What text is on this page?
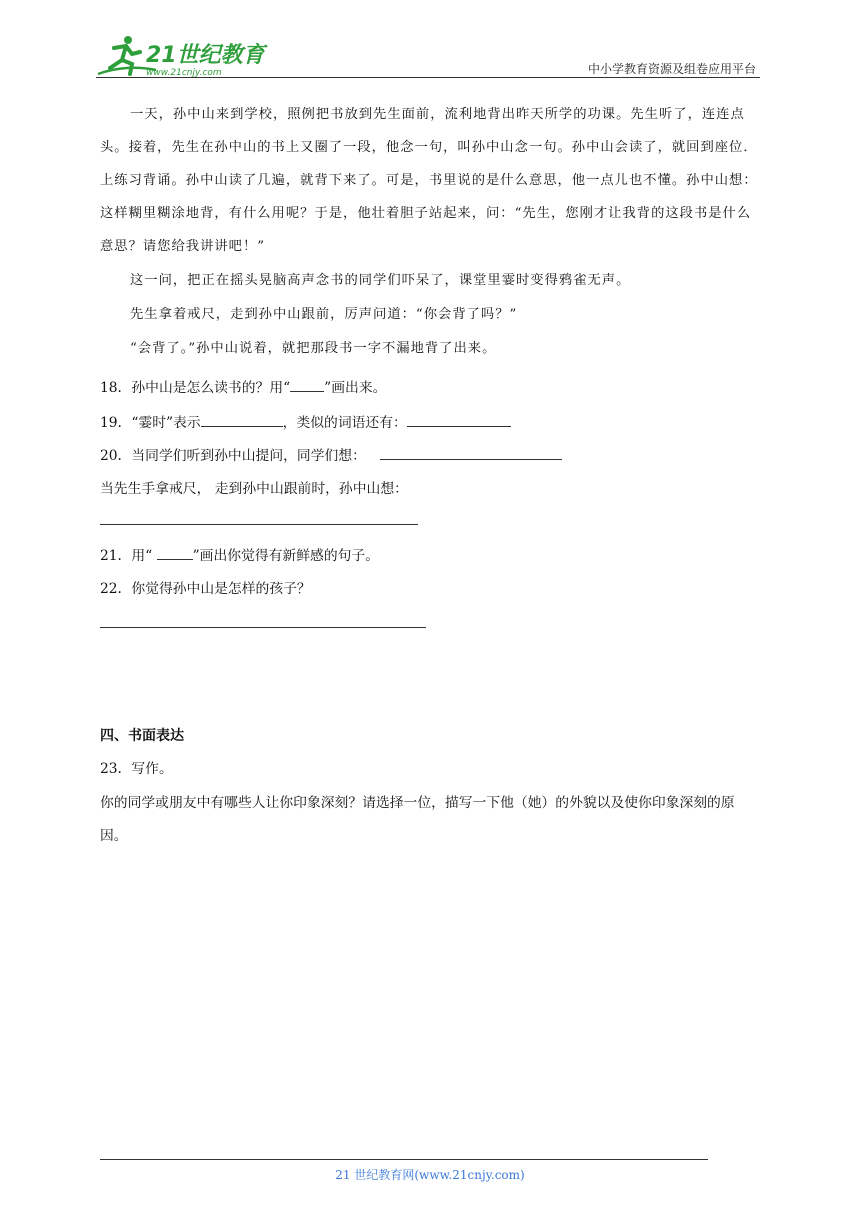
21世纪教育
www.21cnjy.com	中小学教育资源及组卷应用平台

一天，孙中山来到学校，照例把书放到先生面前，流利地背出昨天所学的功课。先生听了，连连点头。接着，先生在孙中山的书上又圈了一段，他念一句，叫孙中山念一句。孙中山会读了，就回到座位．上练习背诵。孙中山读了几遍，就背下来了。可是，书里说的是什么意思，他一点儿也不懂。孙中山想：这样糊里糊涂地背，有什么用呢？于是，他壮着胆子站起来，问：“先生，您刚才让我背的这段书是什么意思？请您给我讲讲吧！”

这一问，把正在摇头晃脑高声念书的同学们吓呆了，课堂里霎时变得鸦雀无声。

先生拿着戒尺，走到孙中山跟前，厉声问道：“你会背了吗？”

“会背了。”孙中山说着，就把那段书一字不漏地背了出来。

18．孙中山是怎么读书的？用“ ”画出来。
19．“霎时”表示	，类似的词语还有：
20．当同学们听到孙中山提问，同学们想：
当先生手拿戒尺， 走到孙中山跟前时，孙中山想：
21．用“	”画出你觉得有新鲜感的句子。
22．你觉得孙中山是怎样的孩子？
四、书面表达
23．写作。

你的同学或朋友中有哪些人让你印象深刻？请选择一位，描写一下他（她）的外貌以及使你印象深刻的原因。

21 世纪教育网(www.21cnjy.com)
